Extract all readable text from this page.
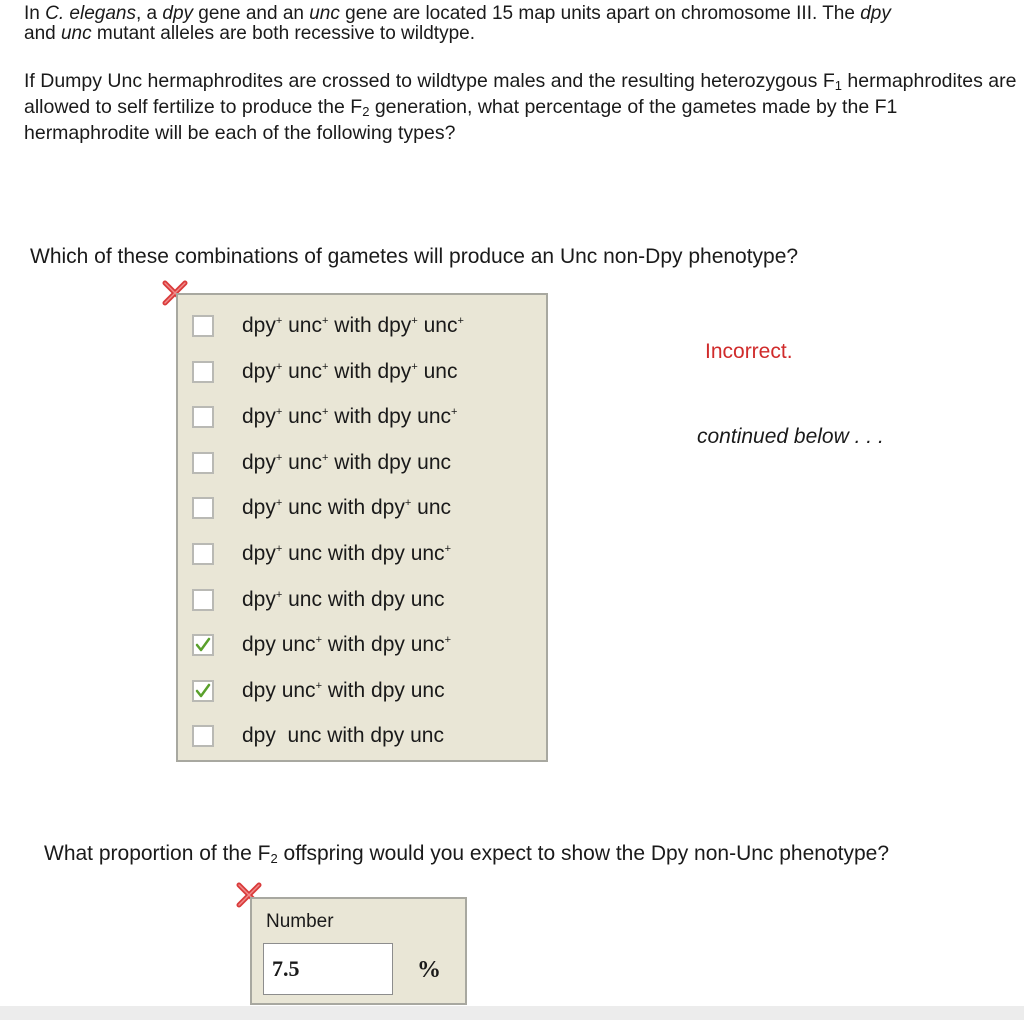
In C. elegans, a dpy gene and an unc gene are located 15 map units apart on chromosome III. The dpy
and unc mutant alleles are both recessive to wildtype.
If Dumpy Unc hermaphrodites are crossed to wildtype males and the resulting heterozygous $F_1$ hermaphrodites are allowed to self fertilize to produce the $F_2$ generation, what percentage of the gametes made by the F1 hermaphrodite will be each of the following types?
Which of these combinations of gametes will produce an Unc non-Dpy phenotype?
dpy+ unc+ with dpy+ unc+
dpy+ unc+ with dpy+ unc
dpy+ unc+ with dpy unc+
dpy+ unc+ with dpy unc
dpy+ unc with dpy+ unc
dpy+ unc with dpy unc+
dpy+ unc with dpy unc
dpy unc+ with dpy unc+
dpy unc+ with dpy unc
dpy  unc with dpy unc
Incorrect.
continued below . . .
What proportion of the $F_2$ offspring would you expect to show the Dpy non-Unc phenotype?
Number
7.5	%
